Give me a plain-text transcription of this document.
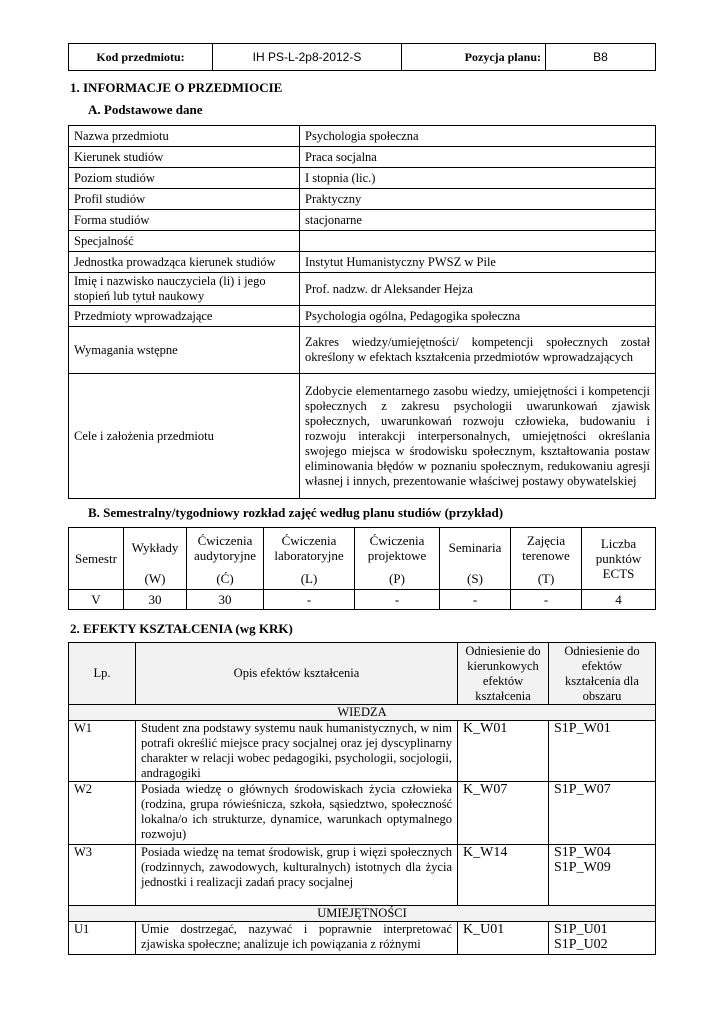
Kod przedmiotu:	IH PS-L-2p8-2012-S	Pozycja planu:	B8
1. INFORMACJE O PRZEDMIOCIE
A. Podstawowe dane
Nazwa przedmiotu	Psychologia społeczna
Kierunek studiów	Praca socjalna
Poziom studiów	I stopnia (lic.)
Profil studiów	Praktyczny
Forma studiów	stacjonarne
Specjalność	
Jednostka prowadząca kierunek studiów	Instytut Humanistyczny PWSZ w Pile
Imię i nazwisko nauczyciela (li) i jego stopień lub tytuł naukowy	Prof. nadzw. dr Aleksander Hejza
Przedmioty wprowadzające	Psychologia ogólna, Pedagogika społeczna
Wymagania wstępne	Zakres wiedzy/umiejętności/ kompetencji społecznych został określony w efektach kształcenia przedmiotów wprowadzających
Cele i założenia przedmiotu	Zdobycie elementarnego zasobu wiedzy, umiejętności i kompetencji społecznych z zakresu psychologii uwarunkowań zjawisk społecznych, uwarunkowań rozwoju człowieka, budowaniu i rozwoju interakcji interpersonalnych, umiejętności określania swojego miejsca w środowisku społecznym, kształtowania postaw eliminowania błędów w poznaniu społecznym, redukowaniu agresji własnej i innych, prezentowanie właściwej postawy obywatelskiej
B. Semestralny/tygodniowy rozkład zajęć według planu studiów (przykład)
Semestr	Wykłady	Ćwiczenia audytoryjne	Ćwiczenia laboratoryjne	Ćwiczenia projektowe	Seminaria	Zajęcia terenowe	Liczba punktów ECTS
	(W)	(Ć)	(L)	(P)	(S)	(T)	
V	30	30	-	-	-	-	4
2. EFEKTY KSZTAŁCENIA (wg KRK)
Lp.	Opis efektów kształcenia	Odniesienie do kierunkowych efektów kształcenia	Odniesienie do efektów kształcenia dla obszaru
WIEDZA			
W1	Student zna podstawy systemu nauk humanistycznych, w nim potrafi określić miejsce pracy socjalnej oraz jej dyscyplinarny charakter w relacji wobec pedagogiki, psychologii, socjologii, andragogiki	K_W01	S1P_W01
W2	Posiada wiedzę o głównych środowiskach życia człowieka (rodzina, grupa rówieśnicza, szkoła, sąsiedztwo, społeczność lokalna/o ich strukturze, dynamice, warunkach optymalnego rozwoju)	K_W07	S1P_W07
W3	Posiada wiedzę na temat środowisk, grup i więzi społecznych (rodzinnych, zawodowych, kulturalnych) istotnych dla życia jednostki i realizacji zadań pracy socjalnej	K_W14	S1P_W04
S1P_W09
UMIEJĘTNOŚCI			
U1	Umie dostrzegać, nazywać i poprawnie interpretować zjawiska społeczne; analizuje ich powiązania z różnymi	K_U01	S1P_U01
S1P_U02
